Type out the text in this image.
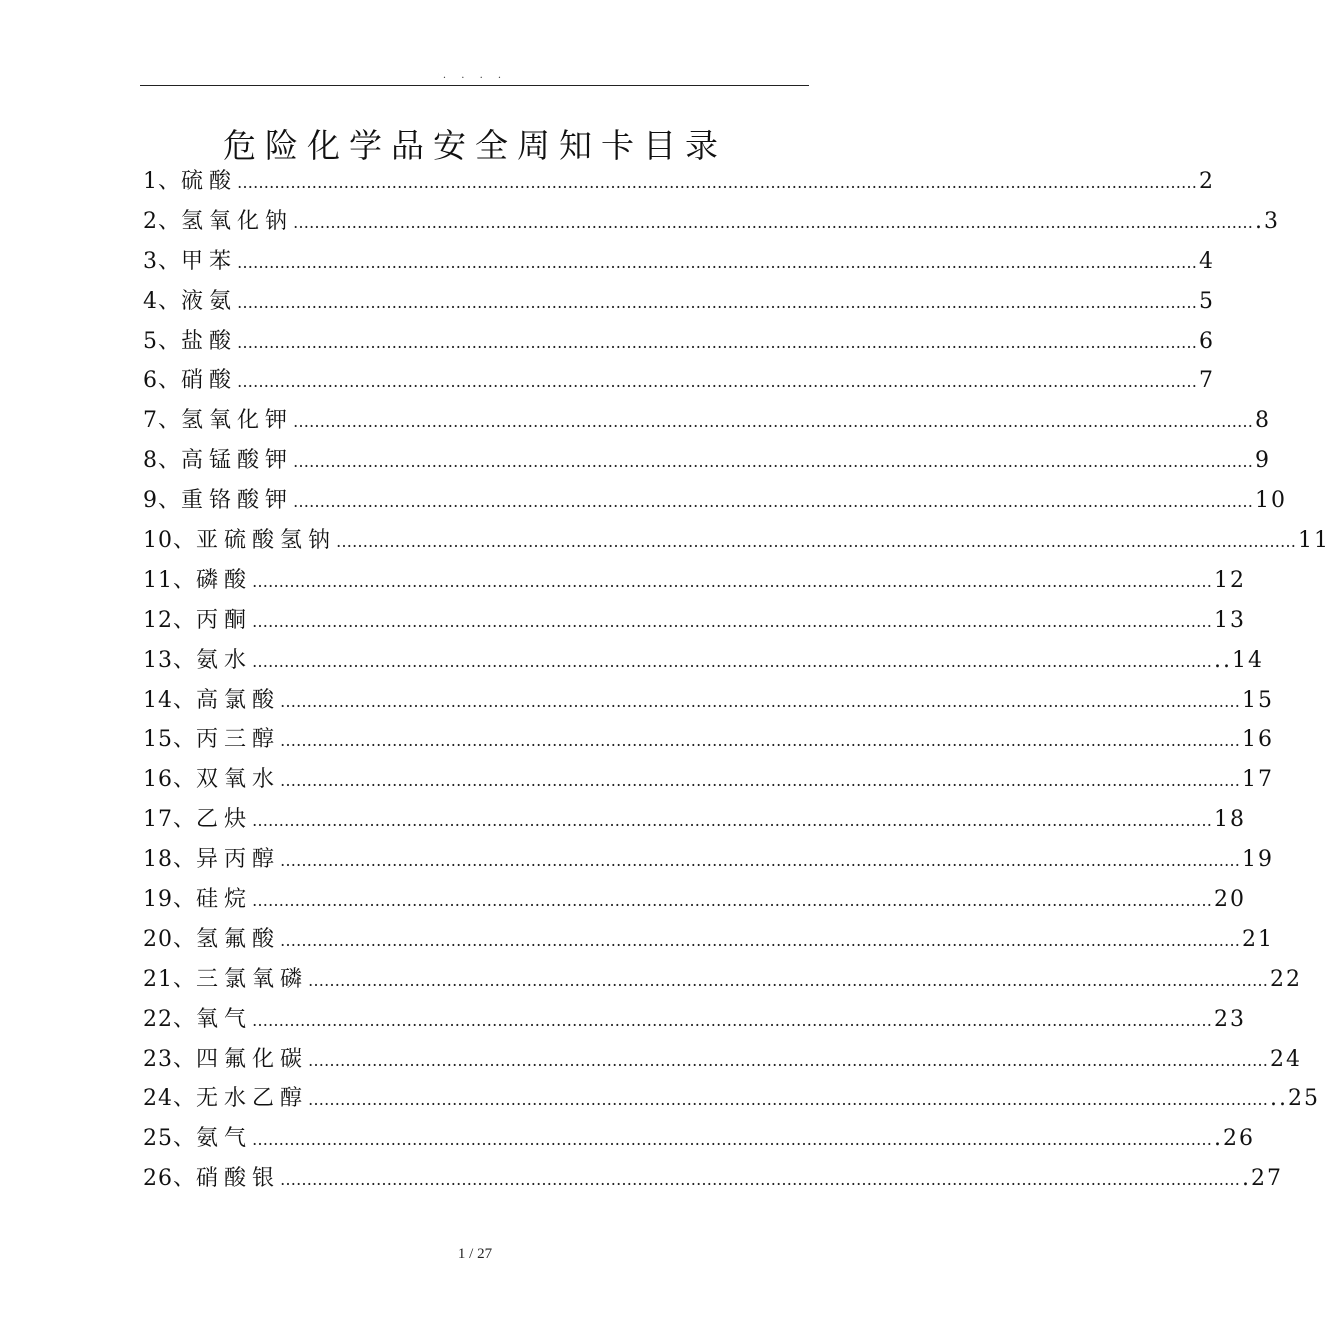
. . . .
危险化学品安全周知卡目录
1、 硫酸 ……………………………………………………………………………………………………………………………………………………………… 2
2、 氢氧化钠 ……………………………………………………………………………………………………………………………………………………………… .3
3、 甲苯 ……………………………………………………………………………………………………………………………………………………………… 4
4、 液氨 ……………………………………………………………………………………………………………………………………………………………… 5
5、 盐酸 ……………………………………………………………………………………………………………………………………………………………… 6
6、 硝酸 ……………………………………………………………………………………………………………………………………………………………… 7
7、 氢氧化钾 ……………………………………………………………………………………………………………………………………………………………… 8
8、 高锰酸钾 ……………………………………………………………………………………………………………………………………………………………… 9
9、 重铬酸钾 ……………………………………………………………………………………………………………………………………………………………… 10
10、 亚硫酸氢钠 ……………………………………………………………………………………………………………………………………………………………… 11
11、 磷酸 ……………………………………………………………………………………………………………………………………………………………… 12
12、 丙酮 ……………………………………………………………………………………………………………………………………………………………… 13
13、 氨水 ……………………………………………………………………………………………………………………………………………………………… ..14
14、 高氯酸 ……………………………………………………………………………………………………………………………………………………………… 15
15、 丙三醇 ……………………………………………………………………………………………………………………………………………………………… 16
16、 双氧水 ……………………………………………………………………………………………………………………………………………………………… 17
17、 乙炔 ……………………………………………………………………………………………………………………………………………………………… 18
18、 异丙醇 ……………………………………………………………………………………………………………………………………………………………… 19
19、 硅烷 ……………………………………………………………………………………………………………………………………………………………… 20
20、 氢氟酸 ……………………………………………………………………………………………………………………………………………………………… 21
21、 三氯氧磷 ……………………………………………………………………………………………………………………………………………………………… 22
22、 氧气 ……………………………………………………………………………………………………………………………………………………………… 23
23、 四氟化碳 ……………………………………………………………………………………………………………………………………………………………… 24
24、 无水乙醇 ……………………………………………………………………………………………………………………………………………………………… ..25
25、 氨气 ……………………………………………………………………………………………………………………………………………………………… .26
26、 硝酸银 ……………………………………………………………………………………………………………………………………………………………… .27
1 / 27
